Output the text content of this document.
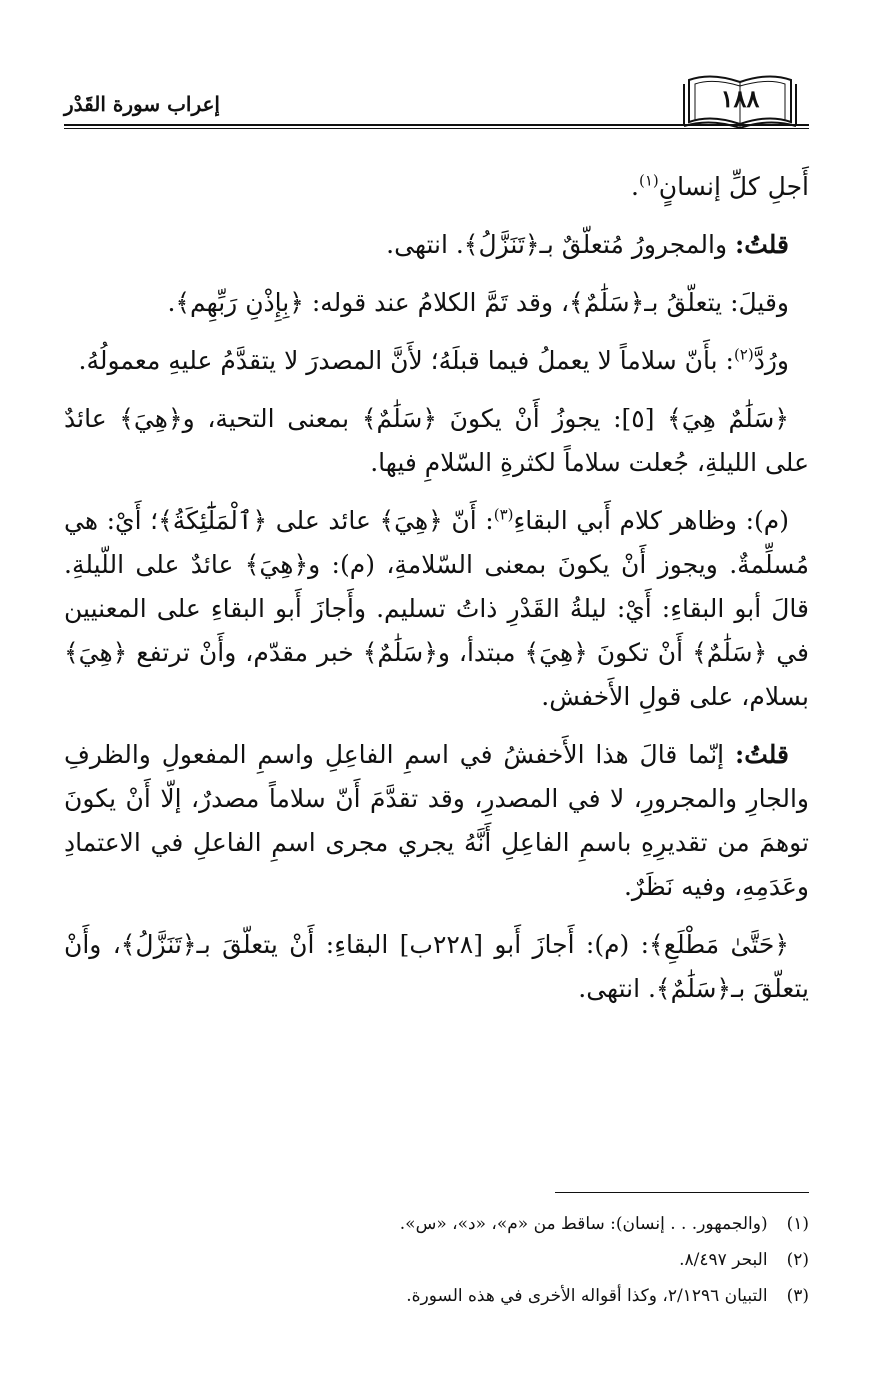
إعراب سورة القَدْر	١٨٨

أَجلِ كلِّ إنسانٍ$^{(١)}$.

قلتُ: والمجرورُ مُتعلّقٌ بـ﴿تَنَزَّلُ﴾. انتهى.

وقيلَ: يتعلّقُ بـ﴿سَلَٰمٌ﴾، وقد تَمَّ الكلامُ عند قوله: ﴿بِإِذْنِ رَبِّهِم﴾.

ورُدَّ$^{(٢)}$: بأَنّ سلاماً لا يعملُ فيما قبلَهُ؛ لأَنَّ المصدرَ لا يتقدَّمُ عليهِ معمولُهُ.

﴿سَلَٰمٌ هِيَ﴾ [٥]: يجوزُ أَنْ يكونَ ﴿سَلَٰمٌ﴾ بمعنى التحية، و﴿هِيَ﴾ عائدٌ على الليلةِ، جُعلت سلاماً لكثرةِ السّلامِ فيها.

(م): وظاهر كلام أَبي البقاءِ$^{(٣)}$: أَنّ ﴿هِيَ﴾ عائد على ﴿ٱلْمَلَٰٓئِكَةُ﴾؛ أَيْ: هي مُسلِّمةٌ. ويجوز أَنْ يكونَ بمعنى السّلامةِ، (م): و﴿هِيَ﴾ عائدٌ على اللّيلةِ. قالَ أبو البقاءِ: أَيْ: ليلةُ القَدْرِ ذاتُ تسليم. وأَجازَ أَبو البقاءِ على المعنيين في ﴿سَلَٰمٌ﴾ أَنْ تكونَ ﴿هِيَ﴾ مبتدأ، و﴿سَلَٰمٌ﴾ خبر مقدّم، وأَنْ ترتفع ﴿هِيَ﴾ بسلام، على قولِ الأَخفش.

قلتُ: إنّما قالَ هذا الأَخفشُ في اسمِ الفاعِلِ واسمِ المفعولِ والظرفِ والجارِ والمجرورِ، لا في المصدرِ، وقد تقدَّمَ أَنّ سلاماً مصدرٌ، إلّا أَنْ يكونَ توهمَ من تقديرِهِ باسمِ الفاعِلِ أَنَّهُ يجري مجرى اسمِ الفاعلِ في الاعتمادِ وعَدَمِهِ، وفيه نَظَرٌ.

﴿حَتَّىٰ مَطْلَعِ﴾: (م): أَجازَ أَبو [٢٢٨ب] البقاءِ: أَنْ يتعلّقَ بـ﴿تَنَزَّلُ﴾، وأَنْ يتعلّقَ بـ﴿سَلَٰمٌ﴾. انتهى.

(١) (والجمهور. . . إنسان): ساقط من «م»، «د»، «س».
(٢) البحر ٨/٤٩٧.
(٣) التبيان ٢/١٢٩٦، وكذا أقواله الأخرى في هذه السورة.
